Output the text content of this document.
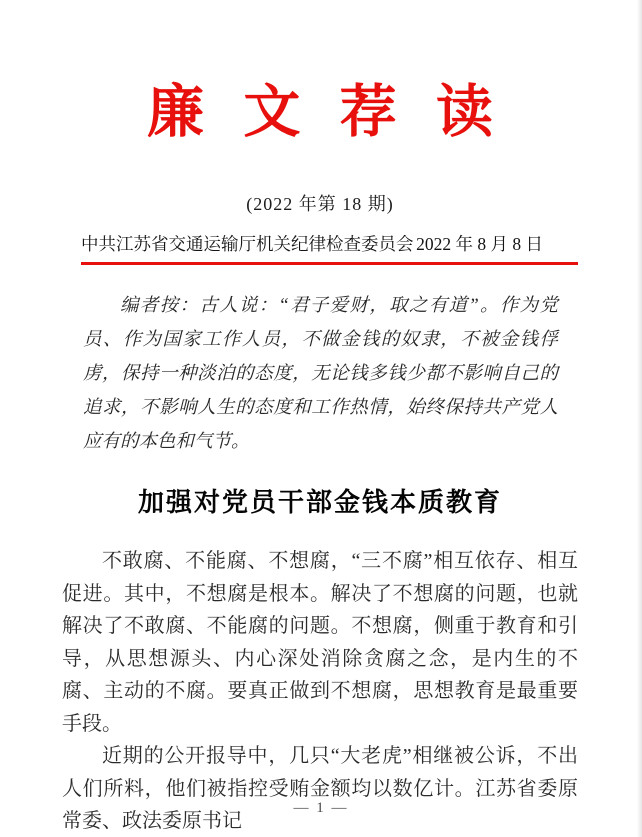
廉 文 荐 读
(2022 年第 18 期)
中共江苏省交通运输厅机关纪律检查委员会 2022 年 8 月 8 日

编者按：古人说：“君子爱财，取之有道”。作为党员、作为国家工作人员，不做金钱的奴隶，不被金钱俘虏，保持一种淡泊的态度，无论钱多钱少都不影响自己的追求，不影响人生的态度和工作热情，始终保持共产党人应有的本色和气节。

加强对党员干部金钱本质教育

不敢腐、不能腐、不想腐，“三不腐”相互依存、相互促进。其中，不想腐是根本。解决了不想腐的问题，也就解决了不敢腐、不能腐的问题。不想腐，侧重于教育和引导，从思想源头、内心深处消除贪腐之念，是内生的不腐、主动的不腐。要真正做到不想腐，思想教育是最重要手段。

近期的公开报导中，几只“大老虎”相继被公诉，不出人们所料，他们被指控受贿金额均以数亿计。江苏省委原常委、政法委原书记

— 1 —
